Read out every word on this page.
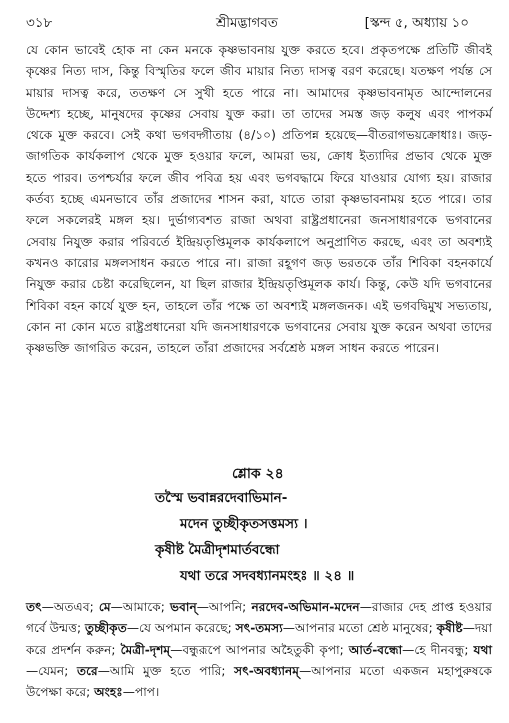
৩১৮	শ্রীমদ্ভাগবত	[স্কন্দ ৫, অধ্যায় ১০
যে কোন ভাবেই হোক না কেন মনকে কৃষ্ণভাবনায় যুক্ত করতে হবে। প্রকৃতপক্ষে প্রতিটি জীবই কৃষ্ণের নিত্য দাস, কিন্তু বিস্মৃতির ফলে জীব মায়ার নিত্য দাসত্ব বরণ করেছে। যতক্ষণ পর্যন্ত সে মায়ার দাসত্ব করে, ততক্ষণ সে সুখী হতে পারে না। আমাদের কৃষ্ণভাবনামৃত আন্দোলনের উদ্দেশ্য হচ্ছে, মানুষদের কৃষ্ণের সেবায় যুক্ত করা। তা তাদের সমস্ত জড় কলুষ এবং পাপকর্ম থেকে মুক্ত করবে। সেই কথা ভগবদ্গীতায় (৪/১০) প্রতিপন্ন হয়েছে—বীতরাগভয়ক্রোধাঃ। জড়-জাগতিক কার্যকলাপ থেকে মুক্ত হওয়ার ফলে, আমরা ভয়, ক্রোধ ইত্যাদির প্রভাব থেকে মুক্ত হতে পারব। তপশ্চর্যার ফলে জীব পবিত্র হয় এবং ভগবদ্ধামে ফিরে যাওয়ার যোগ্য হয়। রাজার কর্তব্য হচ্ছে এমনভাবে তাঁর প্রজাদের শাসন করা, যাতে তারা কৃষ্ণভাবনাময় হতে পারে। তার ফলে সকলেরই মঙ্গল হয়। দুর্ভাগ্যবশত রাজা অথবা রাষ্ট্রপ্রধানেরা জনসাধারণকে ভগবানের সেবায় নিযুক্ত করার পরিবর্তে ইন্দ্রিয়তৃপ্তিমূলক কার্যকলাপে অনুপ্রাণিত করছে, এবং তা অবশ্যই কখনও কারোর মঙ্গলসাধন করতে পারে না। রাজা রহূগণ জড় ভরতকে তাঁর শিবিকা বহনকার্যে নিযুক্ত করার চেষ্টা করেছিলেন, যা ছিল রাজার ইন্দ্রিয়তৃপ্তিমূলক কার্য। কিন্তু, কেউ যদি ভগবানের শিবিকা বহন কার্যে যুক্ত হন, তাহলে তাঁর পক্ষে তা অবশ্যই মঙ্গলজনক। এই ভগবদ্বিমুখ সভ্যতায়, কোন না কোন মতে রাষ্ট্রপ্রধানেরা যদি জনসাধারণকে ভগবানের সেবায় যুক্ত করেন অথবা তাদের কৃষ্ণভক্তি জাগরিত করেন, তাহলে তাঁরা প্রজাদের সর্বশ্রেষ্ঠ মঙ্গল সাধন করতে পারেন।
শ্লোক ২৪
তস্মৈ ভবান্নরদেবাভিমান-
মদেন তুচ্ছীকৃতসত্তমস্য ।
কৃষীষ্ট মৈত্রীদৃশমার্তবন্ধো
যথা তরে সদবধ্যানমংহঃ ॥ ২৪ ॥
তৎ—অতএব; মে—আমাকে; ভবান্‌—আপনি; নরদেব-অভিমান-মদেন—রাজার দেহ প্রাপ্ত হওয়ার গর্বে উন্মত্ত; তুচ্ছীকৃত—যে অপমান করেছে; সৎ-তমস্য—আপনার মতো শ্রেষ্ঠ মানুষের; কৃষীষ্ট—দয়া করে প্রদর্শন করুন; মৈত্রী-দৃশম্‌—বন্ধুরূপে আপনার অহৈতুকী কৃপা; আর্ত-বন্ধো—হে দীনবন্ধু; যথা—যেমন; তরে—আমি মুক্ত হতে পারি; সৎ-অবধ্যানম্‌—আপনার মতো একজন মহাপুরুষকে উপেক্ষা করে; অংহঃ—পাপ।
